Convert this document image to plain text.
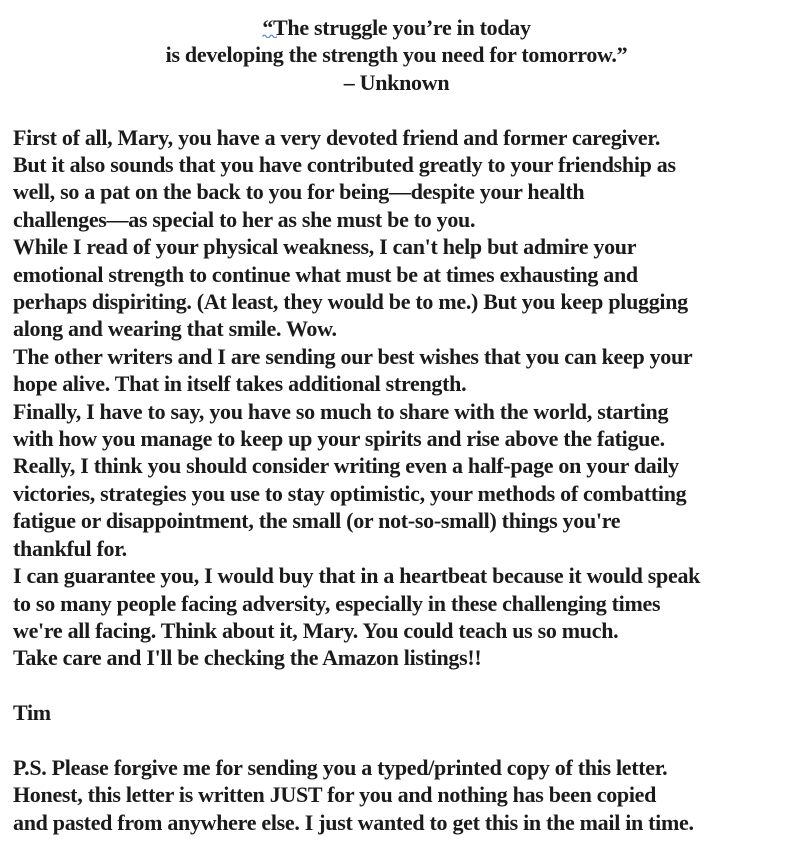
“
The struggle you’re in today
is developing the strength you need for tomorrow.”
– Unknown
First of all, Mary, you have a very devoted friend and former caregiver.
But it also sounds that you have contributed greatly to your friendship as
well, so a pat on the back to you for being—despite your health
challenges—as special to her as she must be to you.
While I read of your physical weakness, I can't help but admire your
emotional strength to continue what must be at times exhausting and
perhaps dispiriting. (At least, they would be to me.) But you keep plugging
along and wearing that smile. Wow.
The other writers and I are sending our best wishes that you can keep your
hope alive. That in itself takes additional strength.
Finally, I have to say, you have so much to share with the world, starting
with how you manage to keep up your spirits and rise above the fatigue.
Really, I think you should consider writing even a half-page on your daily
victories, strategies you use to stay optimistic, your methods of combatting
fatigue or disappointment, the small (or not-so-small) things you're
thankful for.
I can guarantee you, I would buy that in a heartbeat because it would speak
to so many people facing adversity, especially in these challenging times
we're all facing. Think about it, Mary. You could teach us so much.
Take care and I'll be checking the Amazon listings!!
Tim
P.S. Please forgive me for sending you a typed/printed copy of this letter.
Honest, this letter is written JUST for you and nothing has been copied
and pasted from anywhere else. I just wanted to get this in the mail in time.
